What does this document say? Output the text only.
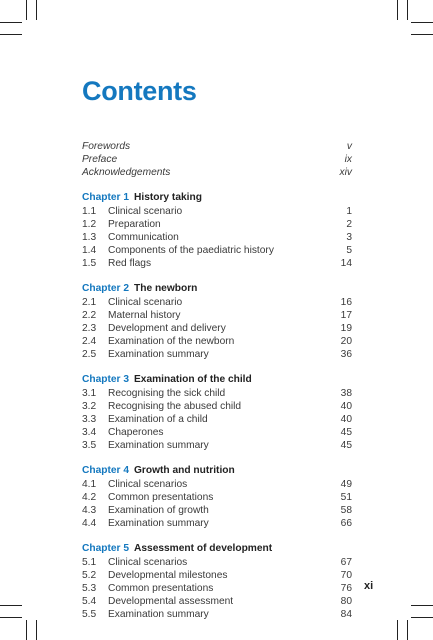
Contents
Forewords	v
Preface	ix
Acknowledgements	xiv
Chapter 1 History taking
1.1	Clinical scenario	1
1.2	Preparation	2
1.3	Communication	3
1.4	Components of the paediatric history	5
1.5	Red flags	14
Chapter 2 The newborn
2.1	Clinical scenario	16
2.2	Maternal history	17
2.3	Development and delivery	19
2.4	Examination of the newborn	20
2.5	Examination summary	36
Chapter 3 Examination of the child
3.1	Recognising the sick child	38
3.2	Recognising the abused child	40
3.3	Examination of a child	40
3.4	Chaperones	45
3.5	Examination summary	45
Chapter 4 Growth and nutrition
4.1	Clinical scenarios	49
4.2	Common presentations	51
4.3	Examination of growth	58
4.4	Examination summary	66
Chapter 5 Assessment of development
5.1	Clinical scenarios	67
5.2	Developmental milestones	70
5.3	Common presentations	76
5.4	Developmental assessment	80
5.5	Examination summary	84
xi
